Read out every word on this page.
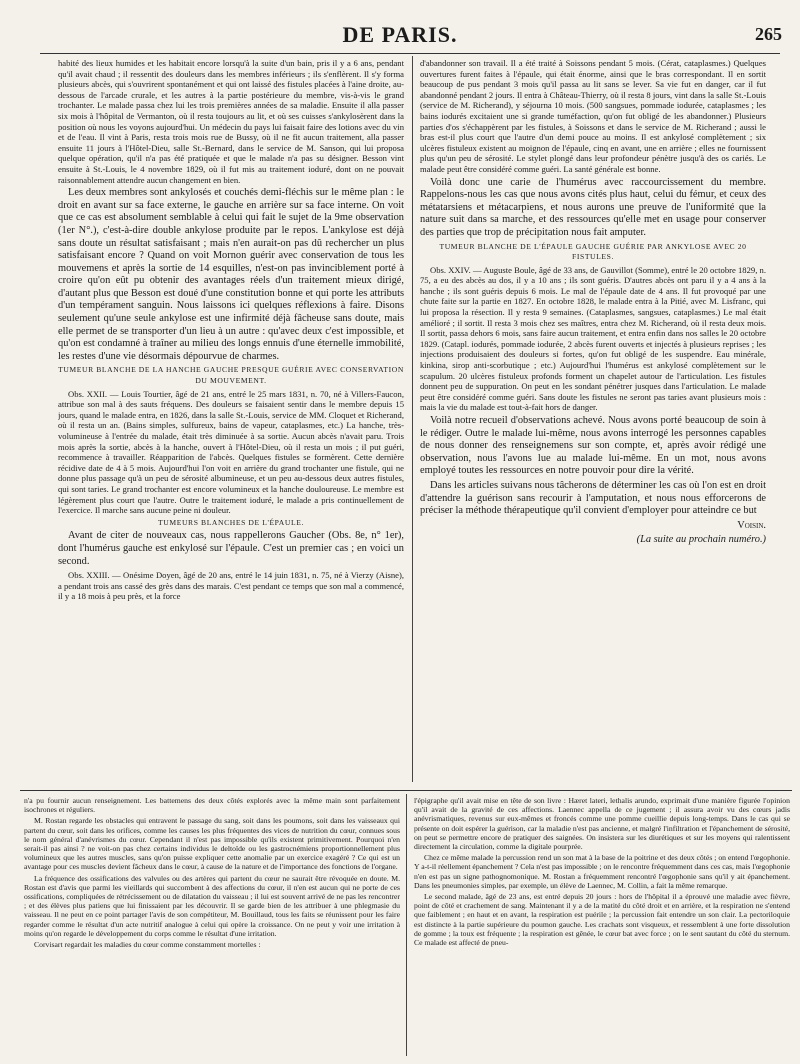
DE PARIS.	265

habité des lieux humides et les habitait encore lorsqu'à la suite d'un bain, pris il y a 6 ans, pendant qu'il avait chaud ; il ressentit des douleurs dans les membres inférieurs ; ils s'enflèrent. Il s'y forma plusieurs abcès, qui s'ouvrirent spontanément et qui ont laissé des fistules placées à l'aine droite, au-dessous de l'arcade crurale, et les autres à la partie postérieure du membre, vis-à-vis le grand trochanter. Le malade passa chez lui les trois premières années de sa maladie. Ensuite il alla passer six mois à l'hôpital de Vermanton, où il resta toujours au lit, et où ses cuisses s'ankylosèrent dans la position où nous les voyons aujourd'hui. Un médecin du pays lui faisait faire des lotions avec du vin et de l'eau. Il vint à Paris, resta trois mois rue de Bussy, où il ne fit aucun traitement, alla passer ensuite 11 jours à l'Hôtel-Dieu, salle St.-Bernard, dans le service de M. Sanson, qui lui proposa quelque opération, qu'il n'a pas été pratiquée et que le malade n'a pas su désigner. Besson vint ensuite à St.-Louis, le 4 novembre 1829, où il fut mis au traitement ioduré, dont on ne pouvait raisonnablement attendre aucun changement en bien.

Les deux membres sont ankylosés et couchés demi-fléchis sur le même plan : le droit en avant sur sa face externe, le gauche en arrière sur sa face interne. On voit que ce cas est absolument semblable à celui qui fait le sujet de la 9me observation (1er N°.), c'est-à-dire double ankylose produite par le repos. L'ankylose est déjà sans doute un résultat satisfaisant ; mais n'en aurait-on pas dû rechercher un plus satisfaisant encore ? Quand on voit Mornon guérir avec conservation de tous les mouvemens et après la sortie de 14 esquilles, n'est-on pas invinciblement porté à croire qu'on eût pu obtenir des avantages réels d'un traitement mieux dirigé, d'autant plus que Besson est doué d'une constitution bonne et qui porte les attributs d'un tempérament sanguin. Nous laissons ici quelques réflexions à faire. Disons seulement qu'une seule ankylose est une infirmité déjà fâcheuse sans doute, mais elle permet de se transporter d'un lieu à un autre : qu'avec deux c'est impossible, et qu'on est condamné à traîner au milieu des longs ennuis d'une éternelle immobilité, les restes d'une vie désormais dépourvue de charmes.

TUMEUR BLANCHE DE LA HANCHE GAUCHE PRESQUE GUÉRIE AVEC CONSERVATION DU MOUVEMENT.

Obs. XXII. — Louis Tourtier, âgé de 21 ans, entré le 25 mars 1831, n. 70, né à Villers-Faucon, attribue son mal à des sauts fréquens. Des douleurs se faisaient sentir dans le membre depuis 15 jours, quand le malade entra, en 1826, dans la salle St.-Louis, service de MM. Cloquet et Richerand, où il resta un an. (Bains simples, sulfureux, bains de vapeur, cataplasmes, etc.) La hanche, très-volumineuse à l'entrée du malade, était très diminuée à sa sortie. Aucun abcès n'avait paru. Trois mois après la sortie, abcès à la hanche, ouvert à l'Hôtel-Dieu, où il resta un mois ; il put guéri, recommence à travailler. Réapparition de l'abcès. Quelques fistules se formèrent. Cette dernière récidive date de 4 à 5 mois. Aujourd'hui l'on voit en arrière du grand trochanter une fistule, qui ne donne plus passage qu'à un peu de sérosité albumineuse, et un peu au-dessous deux autres fistules, qui sont taries. Le grand trochanter est encore volumineux et la hanche douloureuse. Le membre est légèrement plus court que l'autre. Outre le traitement ioduré, le malade a pris continuellement de l'exercice. Il marche sans aucune peine ni douleur.

TUMEURS BLANCHES DE L'ÉPAULE.

Avant de citer de nouveaux cas, nous rappellerons Gaucher (Obs. 8e, n° 1er), dont l'humérus gauche est enkylosé sur l'épaule. C'est un premier cas ; en voici un second.

Obs. XXIII. — Onésime Doyen, âgé de 20 ans, entré le 14 juin 1831, n. 75, né à Vierzy (Aisne), a pendant trois ans cassé des grès dans des marais. C'est pendant ce temps que son mal a commencé, il y a 18 mois à peu près, et la force

d'abandonner son travail. Il a été traité à Soissons pendant 5 mois. (Cérat, cataplasmes.) Quelques ouvertures furent faites à l'épaule, qui était énorme, ainsi que le bras correspondant. Il en sortit beaucoup de pus pendant 3 mois qu'il passa au lit sans se lever. Sa vie fut en danger, car il fut abandonné pendant 2 jours. Il entra à Château-Thierry, où il resta 8 jours, vint dans la salle St.-Louis (service de M. Richerand), y séjourna 10 mois. (500 sangsues, pommade iodurée, cataplasmes ; les bains iodurés excitaient une si grande tuméfaction, qu'on fut obligé de les abandonner.) Plusieurs parties d'os s'échappèrent par les fistules, à Soissons et dans le service de M. Richerand ; aussi le bras est-il plus court que l'autre d'un demi pouce au moins. Il est ankylosé complètement ; six ulcères fistuleux existent au moignon de l'épaule, cinq en avant, une en arrière ; elles ne fournissent plus qu'un peu de sérosité. Le stylet plongé dans leur profondeur pénètre jusqu'à des os cariés. Le malade peut être considéré comme guéri. La santé générale est bonne.

Voilà donc une carie de l'humérus avec raccourcissement du membre. Rappelons-nous les cas que nous avons cités plus haut, celui du fémur, et ceux des métatarsiens et métacarpiens, et nous aurons une preuve de l'uniformité que la nature suit dans sa marche, et des ressources qu'elle met en usage pour conserver des parties que trop de précipitation nous fait amputer.

TUMEUR BLANCHE DE L'ÉPAULE GAUCHE GUÉRIE PAR ANKYLOSE AVEC 20 FISTULES.

Obs. XXIV. — Auguste Boule, âgé de 33 ans, de Gauvillot (Somme), entré le 20 octobre 1829, n. 75, a eu des abcès au dos, il y a 10 ans ; ils sont guéris. D'autres abcès ont paru il y a 4 ans à la hanche ; ils sont guéris depuis 6 mois. Le mal de l'épaule date de 4 ans. Il fut provoqué par une chute faite sur la partie en 1827. En octobre 1828, le malade entra à la Pitié, avec M. Lisfranc, qui lui proposa la résection. Il y resta 9 semaines. (Cataplasmes, sangsues, cataplasmes.) Le mal était amélioré ; il sortit. Il resta 3 mois chez ses maîtres, entra chez M. Richerand, où il resta deux mois. Il sortit, passa dehors 6 mois, sans faire aucun traitement, et entra enfin dans nos salles le 20 octobre 1829. (Catapl. iodurés, pommade iodurée, 2 abcès furent ouverts et injectés à plusieurs reprises ; les injections produisaient des douleurs si fortes, qu'on fut obligé de les suspendre. Eau minérale, kinkina, sirop anti-scorbutique ; etc.) Aujourd'hui l'humérus est ankylosé complètement sur le scapulum. 20 ulcères fistuleux profonds forment un chapelet autour de l'articulation. Les fistules donnent peu de suppuration. On peut en les sondant pénétrer jusques dans l'articulation. Le malade peut être considéré comme guéri. Sans doute les fistules ne seront pas taries avant plusieurs mois : mais la vie du malade est tout-à-fait hors de danger.

Voilà notre recueil d'observations achevé. Nous avons porté beaucoup de soin à le rédiger. Outre le malade lui-même, nous avons interrogé les personnes capables de nous donner des renseignemens sur son compte, et, après avoir rédigé une observation, nous l'avons lue au malade lui-même. En un mot, nous avons employé toutes les ressources en notre pouvoir pour dire la vérité.

Dans les articles suivans nous tâcherons de déterminer les cas où l'on est en droit d'attendre la guérison sans recourir à l'amputation, et nous nous efforcerons de préciser la méthode thérapeutique qu'il convient d'employer pour atteindre ce but

Voisin.

(La suite au prochain numéro.)

n'a pu fournir aucun renseignement. Les battemens des deux côtés explorés avec la même main sont parfaitement isochrones et réguliers.

M. Rostan regarde les obstacles qui entravent le passage du sang, soit dans les poumons, soit dans les vaisseaux qui partent du cœur, soit dans les orifices, comme les causes les plus fréquentes des vices de nutrition du cœur, connues sous le nom général d'anévrismes du cœur. Cependant il n'est pas impossible qu'ils existent primitivement. Pourquoi n'en serait-il pas ainsi ? ne voit-on pas chez certains individus le deltoïde ou les gastrocnémiens proportionnellement plus volumineux que les autres muscles, sans qu'on puisse expliquer cette anomalie par un exercice exagéré ? Ce qui est un avantage pour ces muscles devient fâcheux dans le cœur, à cause de la nature et de l'importance des fonctions de l'organe.

La fréquence des ossifications des valvules ou des artères qui partent du cœur ne saurait être révoquée en doute. M. Rostan est d'avis que parmi les vieillards qui succombent à des affections du cœur, il n'en est aucun qui ne porte de ces ossifications, compliquées de rétrécissement ou de dilatation du vaisseau ; il lui est souvent arrivé de ne pas les rencontrer ; et des élèves plus patiens que lui finissaient par les découvrir. Il se garde bien de les attribuer à une phlegmasie du vaisseau. Il ne peut en ce point partager l'avis de son compétiteur, M. Bouillaud, tous les faits se réunissent pour les faire regarder comme le résultat d'un acte nutritif analogue à celui qui opère la croissance. On ne peut y voir une irritation à moins qu'on regarde le développement du corps comme le résultat d'une irritation.

Corvisart regardait les maladies du cœur comme constamment mortelles :

l'épigraphe qu'il avait mise en tête de son livre : Hæret lateri, lethalis arundo, exprimait d'une manière figurée l'opinion qu'il avait de la gravité de ces affections. Laennec appella de ce jugement ; il assura avoir vu des cœurs jadis anévrismatiques, revenus sur eux-mêmes et froncés comme une pomme cueillie depuis long-temps. Dans le cas qui se présente on doit espérer la guérison, car la maladie n'est pas ancienne, et malgré l'infiltration et l'épanchement de sérosité, on peut se permettre encore de pratiquer des saignées. On insistera sur les diurétiques et sur les moyens qui ralentissent directement la circulation, comme la digitale pourprée.

Chez ce même malade la percussion rend un son mat à la base de la poitrine et des deux côtés ; on entend l'œgophonie. Y a-t-il réellement épanchement ? Cela n'est pas impossible ; on le rencontre fréquemment dans ces cas, mais l'œgophonie n'en est pas un signe pathognomonique. M. Rostan a fréquemment rencontré l'œgophonie sans qu'il y ait épanchement. Dans les pneumonies simples, par exemple, un élève de Laennec, M. Collin, a fait la même remarque.

Le second malade, âgé de 23 ans, est entré depuis 20 jours : hors de l'hôpital il a éprouvé une maladie avec fièvre, point de côté et crachement de sang. Maintenant il y a de la matité du côté droit et en arrière, et la respiration ne s'entend que faiblement ; en haut et en avant, la respiration est puérile ; la percussion fait entendre un son clair. La pectoriloquie est distincte à la partie supérieure du poumon gauche. Les crachats sont visqueux, et ressemblent à une forte dissolution de gomme ; la toux est fréquente ; la respiration est gênée, le cœur bat avec force ; on le sent sautant du côté du sternum. Ce malade est affecté de pneu-
